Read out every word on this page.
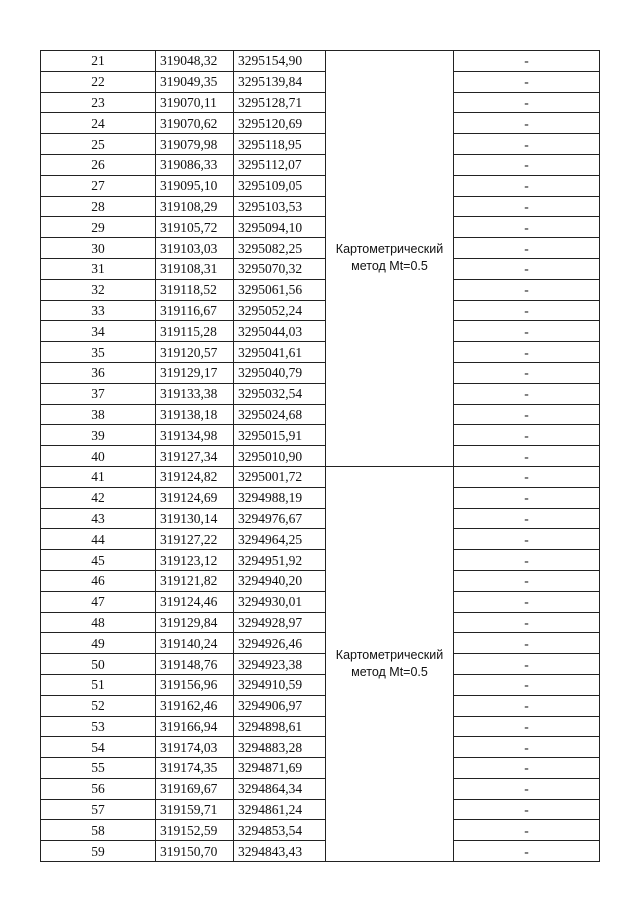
21	319048,32	3295154,90	Картометрический метод Mt=0.5	-
22	319049,35	3295139,84		-
23	319070,11	3295128,71		-
24	319070,62	3295120,69		-
25	319079,98	3295118,95		-
26	319086,33	3295112,07		-
27	319095,10	3295109,05		-
28	319108,29	3295103,53		-
29	319105,72	3295094,10		-
30	319103,03	3295082,25		-
31	319108,31	3295070,32		-
32	319118,52	3295061,56		-
33	319116,67	3295052,24		-
34	319115,28	3295044,03		-
35	319120,57	3295041,61		-
36	319129,17	3295040,79		-
37	319133,38	3295032,54		-
38	319138,18	3295024,68		-
39	319134,98	3295015,91		-
40	319127,34	3295010,90		-
41	319124,82	3295001,72	Картометрический метод Mt=0.5	-
42	319124,69	3294988,19		-
43	319130,14	3294976,67		-
44	319127,22	3294964,25		-
45	319123,12	3294951,92		-
46	319121,82	3294940,20		-
47	319124,46	3294930,01		-
48	319129,84	3294928,97		-
49	319140,24	3294926,46		-
50	319148,76	3294923,38		-
51	319156,96	3294910,59		-
52	319162,46	3294906,97		-
53	319166,94	3294898,61		-
54	319174,03	3294883,28		-
55	319174,35	3294871,69		-
56	319169,67	3294864,34		-
57	319159,71	3294861,24		-
58	319152,59	3294853,54		-
59	319150,70	3294843,43		-
